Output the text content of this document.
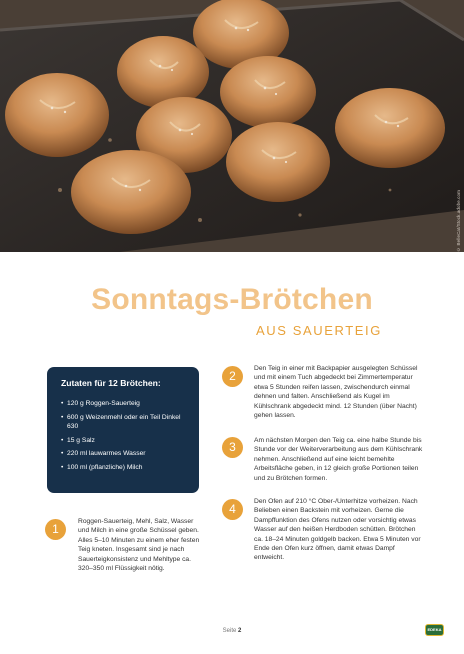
© BelleCat/Stock.adobe.com
Sonntags-Brötchen
AUS SAUERTEIG
Zutaten für 12 Brötchen:
• 120 g Roggen-Sauerteig
• 600 g Weizenmehl oder ein Teil Dinkel 630
• 15 g Salz
• 220 ml lauwarmes Wasser
• 100 ml (pflanzliche) Milch
1
Roggen-Sauerteig, Mehl, Salz, Wasser und Milch in eine große Schüssel geben. Alles 5–10 Minuten zu einem eher festen Teig kneten. Insgesamt sind je nach Sauerteigkonsistenz und Mehltype ca. 320–350 ml Flüssigkeit nötig.
2
Den Teig in einer mit Backpapier ausgelegten Schüssel und mit einem Tuch abgedeckt bei Zimmertemperatur etwa 5 Stunden reifen lassen, zwischendurch einmal dehnen und falten. Anschließend als Kugel im Kühlschrank abgedeckt mind. 12 Stunden (über Nacht) gehen lassen.
3	Am nächsten Morgen den Teig ca. eine halbe Stunde bis Stunde vor der Weiterverarbeitung aus dem Kühlschrank nehmen. Anschließend auf eine leicht bemehlte Arbeitsfläche geben, in 12 gleich große Portionen teilen und zu Brötchen formen.
4
Den Ofen auf 210 °C Ober-/Unterhitze vorheizen. Nach Belieben einen Backstein mit vorheizen. Gerne die Dampffunktion des Ofens nutzen oder vorsichtig etwas Wasser auf den heißen Herdboden schütten. Brötchen ca. 18–24 Minuten goldgelb backen. Etwa 5 Minuten vor Ende den Ofen kurz öffnen, damit etwas Dampf entweicht.
Seite 2	EDEKA
